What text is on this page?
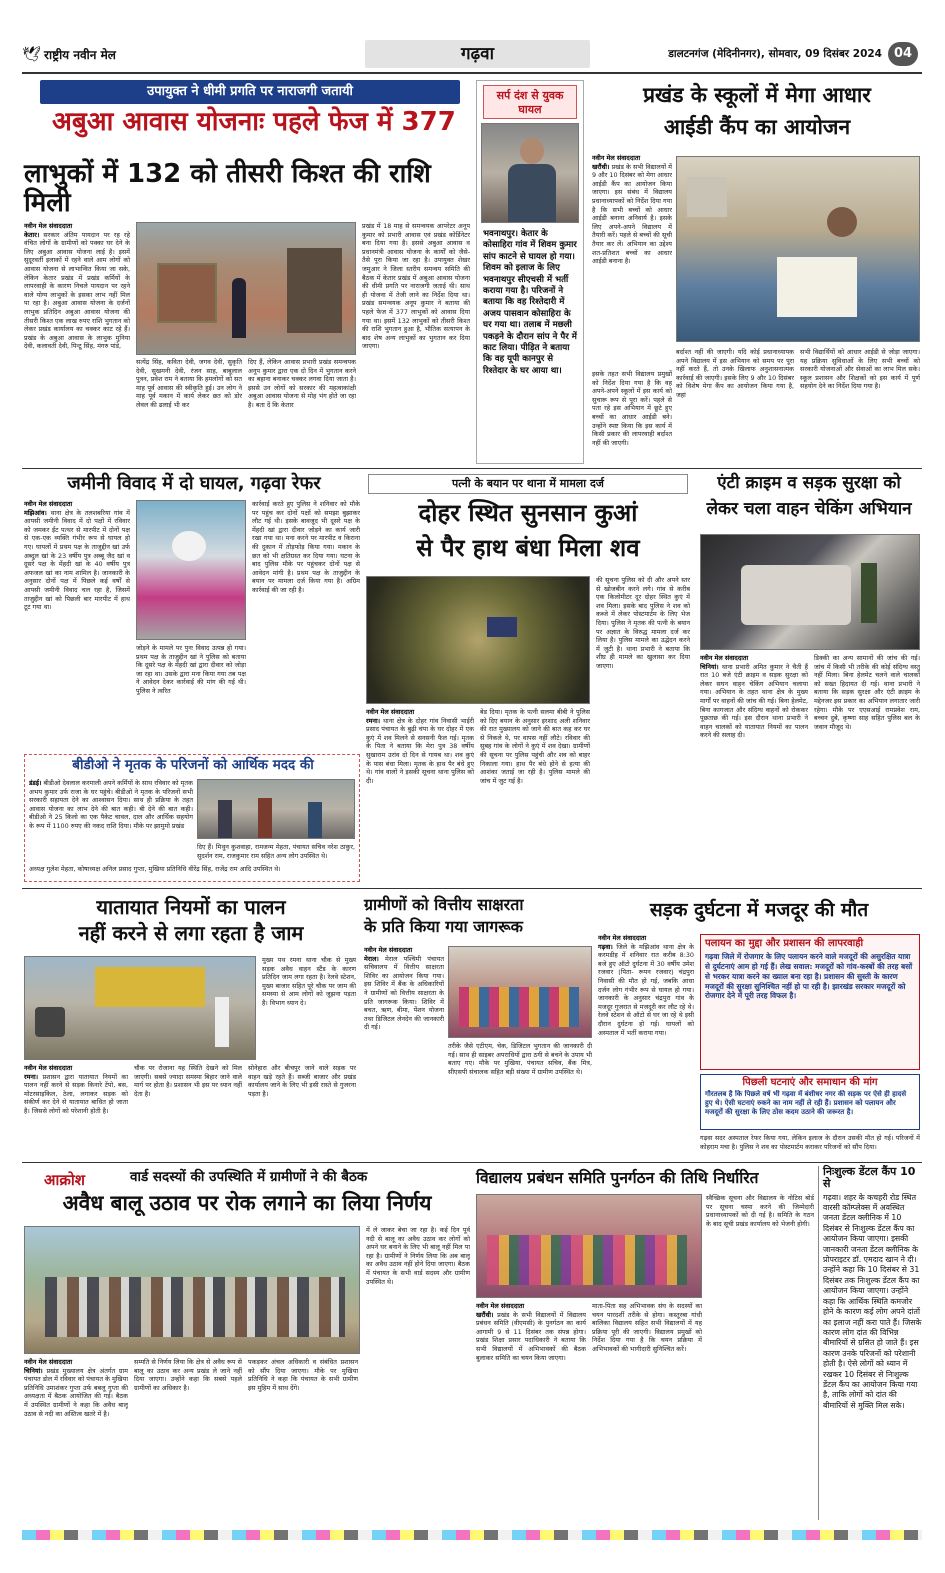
🕊 राष्ट्रीय नवीन मेल	गढ़वा	डालटनगंज (मेदिनीनगर), सोमवार, 09 दिसंबर 2024 04
उपायुक्त ने धीमी प्रगति पर नाराजगी जतायी
अबुआ आवास योजनाः पहले फेज में 377
लाभुकों में 132 को तीसरी किश्त की राशि मिली
नवीन मेल संवाददाता
केतार। सरकार अंतिम पायदान पर रह रहे वंचित लोगों के ग्रामीणों को पक्का घर देने के लिए अबुआ आवास योजना लाई है। इसमें सुदूरवर्ती इलाकों में रहने वाले आम लोगों को आवास योजना से लाभान्वित किया जा सके, लेकिन केतार प्रखंड में प्रखंड कर्मियों के लापरवाही के कारण निचले पायदान पर रहने वाले योग्य लाभुकों के इसका लाभ नहीं मिल पा रहा है। अबुआ आवास योजना के दर्जनों लाभुक प्रतिदिन अबुआ आवास योजना की तीसरी किश्त एक लाख रुपए राशि भुगतान को लेकर प्रखंड कार्यालय का चक्कर काट रहे हैं। प्रखंड के अबुआ आवास के लाभुक मुनिया देवी, कलावती देवी, पिन्टू सिंह, मंगरु पांडे,
सत्येंद्र सिंह, कविता देवी, जगव देवी, सुकृति देवी, सुखमनी देवी, रंजन साह, बाबूलाल पुत्रन, प्रवेश राम ने बताया कि हमलोगों को सत माह पूर्व आवास की स्वीकृति हुई। उन लोग ने माह पूर्व मकान में कार्य लेकर छत को डोर लेवल की ढलाई भी कर
दिए हैं, लेकिन आवास प्रभारी प्रखंड समन्वयक अनूप कुमार द्वारा एक दो दिन में भुगतान करने का बहाना बनाकर चक्कर लगवा दिया जाता है। इससे उन लोगों को सरकार की महत्वाकांक्षी अबुआ आवास योजना से मोह भंग होते जा रहा है। बता दें कि केतार
प्रखंड में 18 माह से समन्वयक आपरेटर अनूप कुमार को प्रभारी आवास एवं प्रखंड कोर्डिनेटर बना दिया गया है। इससे अबुआ आवास व प्रधानमंत्री आवास योजना के कार्यों को जैसे-तैसे पूरा किया जा रहा है। उपायुक्त शेखर जमुआर ने जिला स्तरीय समन्वय समिति की बैठक में केतार प्रखंड में अबुआ आवास योजना की धीमी प्रगति पर नाराजगी जताई थी। साथ ही योजना में तेजी लाने का निर्देश दिया था। प्रखंड समन्वयक अनूप कुमार ने बताया की पहले फेज में 377 लाभुकों को आवास दिया गया था। इसमें 132 लाभुकों को तीसरी किश्त की राशि भुगतान हुआ है, भौतिक सत्यापन के बाद शेष अन्य लाभुकों का भुगतान कर दिया जाएगा।
सर्प दंश से युवक घायल
भवनाथपुर। केतार के कोसाहिरा गांव में शिवम कुमार सांप काटने से घायल हो गया। शिवम को इलाज के लिए भवनाथपुर सीएचसी में भर्ती कराया गया है। परिजनों ने बताया कि वह रिश्तेदारी में अजय पासवान कोसाहिरा के घर गया था। तलाब में मछली पकड़ने के दौरान सांप ने पैर में काट लिया। पीड़ित ने बताया कि वह यूपी कानपुर से रिश्तेदार के घर आया था।
प्रखंड के स्कूलों में मेगा आधार
आईडी कैंप का आयोजन
नवीन मेल संवाददाता
खरौंधी। प्रखंड के सभी विद्यालयों में 9 और 10 दिसंबर को मेगा आधार आईडी कैंप का आयोजन किया जाएगा। इस संबंध में विद्यालय प्रधानाध्यापकों को निर्देश दिया गया है कि सभी बच्चों को आधार आईडी बनाना अनिवार्य है। इसके लिए अपने-अपने विद्यालय में तैयारी करें। पहले से बच्चों की सूची तैयार कर लें। अभियान का उद्देश्य शत-प्रतिशत बच्चों का आधार आईडी बनाना है।
इसके तहत सभी विद्यालय प्रमुखों को निर्देश दिया गया है कि वह अपने-अपने स्कूलों में इस कार्य को सुचारू रूप से पूरा करें। पहले से पता रहे इस अभियान में छूटे हुए बच्चों का आधार आईडी बने। उन्होंने स्पष्ट किया कि इस कार्य में किसी प्रकार की लापरवाही बर्दाश्त नहीं की जाएगी।
बर्दाश्त नहीं की जाएगी। यदि कोई प्रधानाध्यापक अपने विद्यालय में इस अभियान को समय पर पूरा नहीं करते हैं, तो उनके खिलाफ अनुशासनात्मक कार्रवाई की जाएगी। इसके लिए 9 और 10 दिसंबर को विशेष मेगा कैंप का आयोजन किया गया है, जहां
सभी विद्यार्थियों को आधार आईडी से जोड़ा जाएगा। यह प्रक्रिया सुविधाओं के लिए सभी बच्चों को सरकारी योजनाओं और सेवाओं का लाभ मिल सके। स्कूल प्रशासन और शिक्षकों को इस कार्य में पूर्ण सहयोग देने का निर्देश दिया गया है।
जमीनी विवाद में दो घायल, गढ़वा रेफर
नवीन मेल संवाददाता
मझिआंव। थाना क्षेत्र के तलशबरिया गांव में आपसी जमीनी विवाद में दो पक्षों में रविवार को जमकर ईंट पत्थर से मारपीट में दोनों पक्ष से एक-एक व्यक्ति गंभीर रूप से घायल हो गए। घायलों में प्रथम पक्ष के ताजुद्दीन खां उर्फ अब्दुल खां के 23 वर्षीय पुत्र अब्बू जैद खां व दूसरे पक्ष के मेंहदी खां के 40 वर्षीय पुत्र अफजल खां का नाम शामिल है। जानकारी के अनुसार दोनों पक्ष में पिछले कई वर्षों से आपसी जमीनी विवाद चल रहा है, जिसमें ताजुद्दीन खां को पिछली बार मारपीट में हाथ टूट गया था।
जोड़ने के मामले पर पुनः विवाद उत्पन्न हो गया। प्रथम पक्ष के ताजुद्दीन खां ने पुलिस को बताया कि दूसरे पक्ष के मेंहदी खां द्वारा दीवार को जोड़ा जा रहा था। उसके द्वारा मना किया गया तब पक्ष ने आवेदन देकर कार्रवाई की मांग की गई थी। पुलिस ने त्वरित
कार्रवाई करते हुए पुलिस ने शनिवार को मौके पर पहुंच कर दोनों पक्षों को समझा बुझाकर लौट गई थी। इसके बावजूद भी दूसरे पक्ष के मेंहदी खां द्वारा दीवार जोड़ने का कार्य जारी रखा गया था। मना करने पर मारपीट व किराना की दुकान में तोड़फोड़ किया गया। मकान के छत को भी क्षतिग्रस्त कर दिया गया। घटना के बाद पुलिस मौके पर पहुंचकर दोनों पक्ष से आवेदन मांगी है। प्रथम पक्ष के ताजुद्दीन के बयान पर मामला दर्ज किया गया है। अग्रिम कार्रवाई की जा रही है।
बीडीओ ने मृतक के परिजनों को आर्थिक मदद की
डंडई। बीडीओ देवलाल करमाली अपने कर्मियों के साथ रविवार को मृतक अभय कुमार उर्फ राजा के घर पहुंचे। बीडीओ ने मृतक के परिजनों सभी सरकारी सहायता देने का आश्वासन दिया। साथ ही प्रक्रिया के तहत आवास योजना का लाभ देने की बात कही। बी देने की बात कही। बीडीओ ने 25 किलो का एक पैकेट चावल, दाल और आर्थिक सहयोग के रूप में 1100 रुपए की नकद राशि दिया। मौके पर झामुमो प्रखंड
दिए हैं। मिथुन कुशवाहा, रामजन्म मेहता, पंचायत सचिव नरेश ठाकुर, सुदर्शन राम, राजकुमार राम सहित अन्य लोग उपस्थित थे।
अध्यक्ष गुलेश मेहता, कोषाध्यक्ष अनिल प्रसाद गुप्ता, मुखिया प्रतिनिधि वीरेंद्र सिंह, राजेंद्र राम आदि उपस्थित थे।
पत्नी के बयान पर थाना में मामला दर्ज
दोहर स्थित सुनसान कुआं
से पैर हाथ बंधा मिला शव
नवीन मेल संवाददाता
रमना। थाना क्षेत्र के दोहर गांव निवासी भाईरी प्रसाद पंचायत के बुढ़ी चंपा के घर दोहर में एक कुएं में शव मिलने से सनसनी फैल गई। मृतक के पिता ने बताया कि मेरा पुत्र 38 वर्षीय सुखाराम उरांव दो दिन से गायब था। शव कुएं के पास बंधा मिला। मृतक के हाथ पैर बंधे हुए थे। गांव वालों ने इसकी सूचना थाना पुलिस को दी।
बेड दिया। मृतक के पत्नी सलमा बीबी ने पुलिस को दिए बयान के अनुसार इरशाद अली शनिवार की रात मुख्यालय को जाने की बात कह कर घर से निकले थे, पर वापस नहीं लौटे। रविवार की सुबह गांव के लोगों ने कुएं में शव देखा। ग्रामीणों की सूचना पर पुलिस पहुंची और शव को बाहर निकाला गया। हाथ पैर बंधे होने से हत्या की आशंका जताई जा रही है। पुलिस मामले की जांच में जुट गई है।
की सूचना पुलिस को दी और अपने स्तर से खोजबीन करने लगे। गांव से करीब एक किलोमीटर दूर दोहर स्थित कुएं में शव मिला। इसके बाद पुलिस ने शव को कब्जे में लेकर पोस्टमार्टम के लिए भेज दिया। पुलिस ने मृतक की पत्नी के बयान पर अज्ञात के विरुद्ध मामला दर्ज कर लिया है। पुलिस मामले का उद्भेदन करने में जुटी है। थाना प्रभारी ने बताया कि शीघ्र ही मामले का खुलासा कर दिया जाएगा।
एंटी क्राइम व सड़क सुरक्षा को
लेकर चला वाहन चेकिंग अभियान
नवीन मेल संवाददाता
चिनियां। थाना प्रभारी अमित कुमार ने चैती हैं रात 10 बजे एंटी क्राइम व सड़क सुरक्षा को लेकर सघन वाहन चेकिंग अभियान चलाया गया। अभियान के तहत थाना क्षेत्र के मुख्य मार्गों पर वाहनों की जांच की गई। बिना हेलमेट, बिना कागजात और संदिग्ध वाहनों को रोककर पूछताछ की गई। इस दौरान थाना प्रभारी ने वाहन चालकों को यातायात नियमों का पालन करने की सलाह दी।
डिक्की का अन्य सामानों की जांच की गई। जांच में किसी भी तरीके की कोई संदिग्ध वस्तु नहीं मिला। बिना हेलमेट चलने वाले चालकों को सख्त हिदायत दी गई। थाना प्रभारी ने बताया कि सड़क सुरक्षा और एंटी क्राइम के मद्देनजर इस प्रकार का अभियान लगातार जारी रहेगा। मौके पर एएसआई रामप्रवेश राम, बच्चन दुबे, कृष्णा साह सहित पुलिस बल के जवान मौजूद थे।
यातायात नियमों का पालन
नहीं करने से लगा रहता है जाम
मुख्य पथ रमना थाना चौक से मुख्य सड़क अवैध वाहन स्टैंड के कारण प्रतिदिन जाम लगा रहता है। रेलवे स्टेशन, मुख्य बाजार सहित पूरे चौक पर जाम की समस्या से आम लोगों को जूझना पड़ता है। विभाग ध्यान दे।
नवीन मेल संवाददाता
रमना। प्रशासन द्वारा यातायात नियमों का पालन नहीं करने से सड़क किनारे टेंपो, बस, मोटरसाइकिल, ठेला, लगाकर सड़क को संकीर्ण कर देने से यातायात बाधित हो जाता है। जिससे लोगों को परेशानी होती है।
चौक पर रोजाना यह स्थिति देखने को मिल जाएगी। सबसे ज्यादा समस्या बिहार जाने वाले मार्ग पर होता है। प्रशासन भी इस पर ध्यान नहीं देता है।
सोनेहारा और बीचपुर जाने वाले सड़क पर वाहन खड़े रहते हैं। सब्जी बाजार और प्रखंड कार्यालय जाने के लिए भी इसी रास्ते से गुजरना पड़ता है।
ग्रामीणों को वित्तीय साक्षरता
के प्रति किया गया जागरूक
नवीन मेल संवाददाता
मेराल। मेराल पश्चिमी पंचायत सचिवालय में वित्तीय साक्षरता शिविर का आयोजन किया गया। इस शिविर में बैंक के अधिकारियों ने ग्रामीणों को वित्तीय साक्षरता के प्रति जागरूक किया। शिविर में बचत, ऋण, बीमा, पेंशन योजना तथा डिजिटल लेनदेन की जानकारी दी गई।
तरीके जैसे एटीएम, चेक, डिजिटल भुगतान की जानकारी दी गई। साथ ही साइबर अपराधियों द्वारा ठगी से बचने के उपाय भी बताए गए। मौके पर मुखिया, पंचायत सचिव, बैंक मित्र, सीएसपी संचालक सहित बड़ी संख्या में ग्रामीण उपस्थित थे।
सड़क दुर्घटना में मजदूर की मौत
नवीन मेल संवाददाता
गढ़वा। जिले के मझिआंव थाना क्षेत्र के करमडीह में शनिवार रात करीब 8:30 बजे हुए ऑटो दुर्घटना में 30 वर्षीय उमेश रजवार (पिता- रूपन रजवार) चंद्रपुरा निवासी की मौत हो गई, जबकि आधा दर्जन लोग गंभीर रूप से घायल हो गया। जानकारी के अनुसार चंद्रपुरा गांव के मजदूर गुजरात से मजदूरी कर लौट रहे थे। रेलवे स्टेशन से ऑटो से घर जा रहे थे इसी दौरान दुर्घटना हो गई। घायलों को अस्पताल में भर्ती कराया गया।
पलायन का मुद्दा और प्रशासन की लापरवाही
गढ़वा जिले में रोजगार के लिए पलायन करने वाले मजदूरों की असुरक्षित यात्रा से दुर्घटनाएं आम हो गई हैं। लेख सवाल: मजदूरों को गांव-कस्बों की तरह बसों से भरकर यात्रा करने का ख्याल बना रहा है। प्रशासन की सुस्ती के कारण मजदूरों की सुरक्षा सुनिश्चित नहीं हो पा रही है। झारखंड सरकार मजदूरों को रोजगार देने में पूरी तरह विफल है।
पिछली घटनाएं और समाधान की मांग
गौरतलब है कि पिछले वर्ष भी गढ़वा में बंशीधर नगर की सड़क पर ऐसे ही हादसे हुए थे। ऐसी घटनाएं रुकने का नाम नहीं ले रही हैं। प्रशासन को पलायन और मजदूरों की सुरक्षा के लिए ठोस कदम उठाने की जरूरत है।
गढ़वा सदर अस्पताल रेफर किया गया, लेकिन इलाज के दौरान उसकी मौत हो गई। परिजनों में कोहराम मचा है। पुलिस ने शव का पोस्टमार्टम कराकर परिजनों को सौंप दिया।
आक्रोश	वार्ड सदस्यों की उपस्थिति में ग्रामीणों ने की बैठक
अवैध बालू उठाव पर रोक लगाने का लिया निर्णय
में ले जाकर बेचा जा रहा है। कई दिन पूर्व नदी से बालू का अवैध उठाव कर लोगों को अपने घर बनाने के लिए भी बालू नहीं मिल पा रहा है। ग्रामीणों ने निर्णय लिया कि अब बालू का अवैध उठाव नहीं होने दिया जाएगा। बैठक में पंचायत के सभी वार्ड सदस्य और ग्रामीण उपस्थित थे।
नवीन मेल संवाददाता
चिनियां। प्रखंड मुख्यालय क्षेत्र अंतर्गत ग्राम पंचायत डोल में रविवार को पंचायत के मुखिया प्रतिनिधि उमाशंकर गुप्ता उर्फ बबलू गुप्ता की अध्यक्षता में बैठक आयोजित की गई। बैठक में उपस्थित ग्रामीणों ने कहा कि अवैध बालू उठाव से नदी का अस्तित्व खतरे में है।
सम्मति से निर्णय लिया कि क्षेत्र से अवैध रूप से बालू का उठाव कर अन्य प्रखंड ले जाने नहीं दिया जाएगा। उन्होंने कहा कि सबसे पहले ग्रामीणों का अधिकार है।
पकड़कर अंचल अधिकारी व संबंधित प्रशासन को सौंप दिया जाएगा। मौके पर मुखिया प्रतिनिधि ने कहा कि पंचायत के सभी ग्रामीण इस मुहिम में साथ देंगे।
विद्यालय प्रबंधन समिति पुनर्गठन की तिथि निर्धारित
स्वैच्छिक सूचना और विद्यालय के नोटिस बोर्ड पर सूचना चस्पा करने की जिम्मेदारी प्रधानाध्यापकों को दी गई है। समिति के गठन के बाद सूची प्रखंड कार्यालय को भेजनी होगी।
नवीन मेल संवाददाता
खरौंधी। प्रखंड के सभी विद्यालयों में विद्यालय प्रबंधन समिति (वीएमसी) के पुनर्गठन का कार्य आगामी 9 से 11 दिसंबर तक संपन्न होगा। प्रखंड शिक्षा प्रसार पदाधिकारी ने बताया कि सभी विद्यालयों में अभिभावकों की बैठक बुलाकर समिति का चयन किया जाएगा।
माता-पिता सह अभिभावक संघ के सदस्यों का चयन पारदर्शी तरीके से होगा। कस्तूरबा गांधी बालिका विद्यालय सहित सभी विद्यालयों में यह प्रक्रिया पूरी की जाएगी। विद्यालय प्रमुखों को निर्देश दिया गया है कि चयन प्रक्रिया में अभिभावकों की भागीदारी सुनिश्चित करें।
निःशुल्क डेंटल कैंप 10 से
गढ़वा। शहर के कचहरी रोड स्थित वारसी कॉम्प्लेक्स में अवस्थित जनता डेंटल क्लीनिक में 10 दिसंबर से निःशुल्क डेंटल कैंप का आयोजन किया जाएगा। इसकी जानकारी जनता डेंटल क्लीनिक के प्रोपराइटर डॉ. एमदाद खान ने दी। उन्होंने कहा कि 10 दिसंबर से 31 दिसंबर तक निःशुल्क डेंटल कैंप का आयोजन किया जाएगा। उन्होंने कहा कि आर्थिक स्थिति कमजोर होने के कारण कई लोग अपने दांतों का इलाज नहीं करा पाते हैं। जिसके कारण लोग दांत की विभिन्न बीमारियों से ग्रसित हो जाते हैं। इस कारण उनके परिजनों को परेशानी होती है। ऐसे लोगों को ध्यान में रखकर 10 दिसंबर से निःशुल्क डेंटल कैंप का आयोजन किया गया है, ताकि लोगों को दांत की बीमारियों से मुक्ति मिल सके।
